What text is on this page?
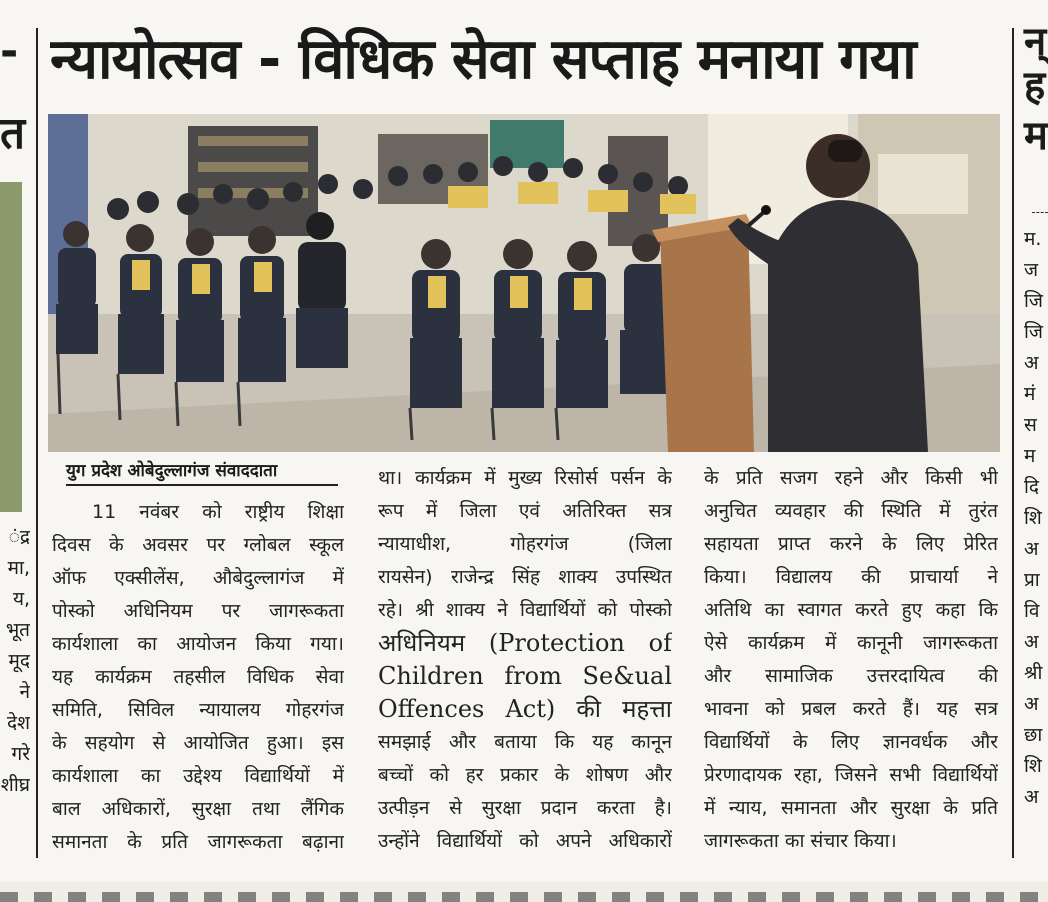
-
त
ंद्र
मा,
य,
भूत
मूद
ने
देश
गरे
शीघ्र
न्यायोत्सव - विधिक सेवा सप्ताह मनाया गया
युग प्रदेश ओबेदुल्लागंज संवाददाता
11 नवंबर को राष्ट्रीय शिक्षा
दिवस के अवसर पर ग्लोबल स्कूल
ऑफ एक्सीलेंस, औबेदुल्लागंज में
पोस्को अधिनियम पर जागरूकता
कार्यशाला का आयोजन किया गया।
यह कार्यक्रम तहसील विधिक सेवा
समिति, सिविल न्यायालय गोहरगंज
के सहयोग से आयोजित हुआ। इस
कार्यशाला का उद्देश्य विद्यार्थियों में
बाल अधिकारों, सुरक्षा तथा लैंगिक
समानता के प्रति जागरूकता बढ़ाना
था। कार्यक्रम में मुख्य रिसोर्स पर्सन के
रूप में जिला एवं अतिरिक्त सत्र
न्यायाधीश, गोहरगंज (जिला
रायसेन) राजेन्द्र सिंह शाक्य उपस्थित
रहे। श्री शाक्य ने विद्यार्थियों को पोस्को
अधिनियम (Protection of
Children from Se&ual
Offences Act) की महत्ता
समझाई और बताया कि यह कानून
बच्चों को हर प्रकार के शोषण और
उत्पीड़न से सुरक्षा प्रदान करता है।
उन्होंने विद्यार्थियों को अपने अधिकारों
के प्रति सजग रहने और किसी भी
अनुचित व्यवहार की स्थिति में तुरंत
सहायता प्राप्त करने के लिए प्रेरित
किया। विद्यालय की प्राचार्या ने
अतिथि का स्वागत करते हुए कहा कि
ऐसे कार्यक्रम में कानूनी जागरूकता
और सामाजिक उत्तरदायित्व की
भावना को प्रबल करते हैं। यह सत्र
विद्यार्थियों के लिए ज्ञानवर्धक और
प्रेरणादायक रहा, जिसने सभी विद्यार्थियों
में न्याय, समानता और सुरक्षा के प्रति
जागरूकता का संचार किया।
न्
ह
म
म.
ज
जि
जि
अ
मं
स
म
दि
शि
अ
प्रा
वि
अ
श्री
अ
छा
शि
अ
